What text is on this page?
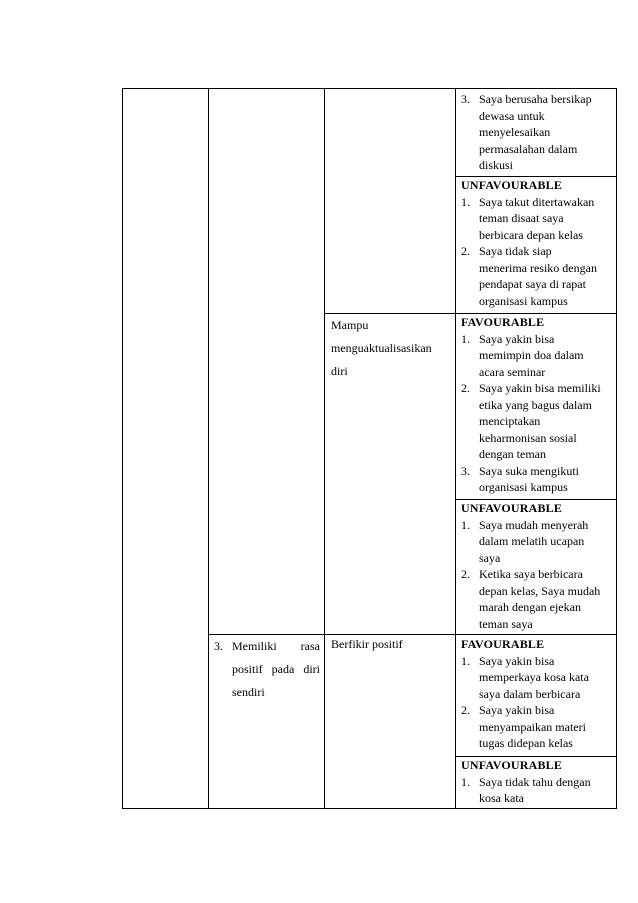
3. Saya berusaha bersikap
dewasa untuk
menyelesaikan
permasalahan dalam
diskusi
UNFAVOURABLE
1. Saya takut ditertawakan
teman disaat saya
berbicara depan kelas
2. Saya tidak siap
menerima resiko dengan
pendapat saya di rapat
organisasi kampus
Mampu
menguaktualisasikan
diri
FAVOURABLE
1. Saya yakin bisa
memimpin doa dalam
acara seminar
2. Saya yakin bisa memiliki
etika yang bagus dalam
menciptakan
keharmonisan sosial
dengan teman
3. Saya suka mengikuti
organisasi kampus
UNFAVOURABLE
1. Saya mudah menyerah
dalam melatih ucapan
saya
2. Ketika saya berbicara
depan kelas, Saya mudah
marah dengan ejekan
teman saya
3. Memiliki rasa
positif pada diri
sendiri
Berfikir positif	FAVOURABLE
1. Saya yakin bisa
memperkaya kosa kata
saya dalam berbicara
2. Saya yakin bisa
menyampaikan materi
tugas didepan kelas
UNFAVOURABLE
1. Saya tidak tahu dengan
kosa kata
